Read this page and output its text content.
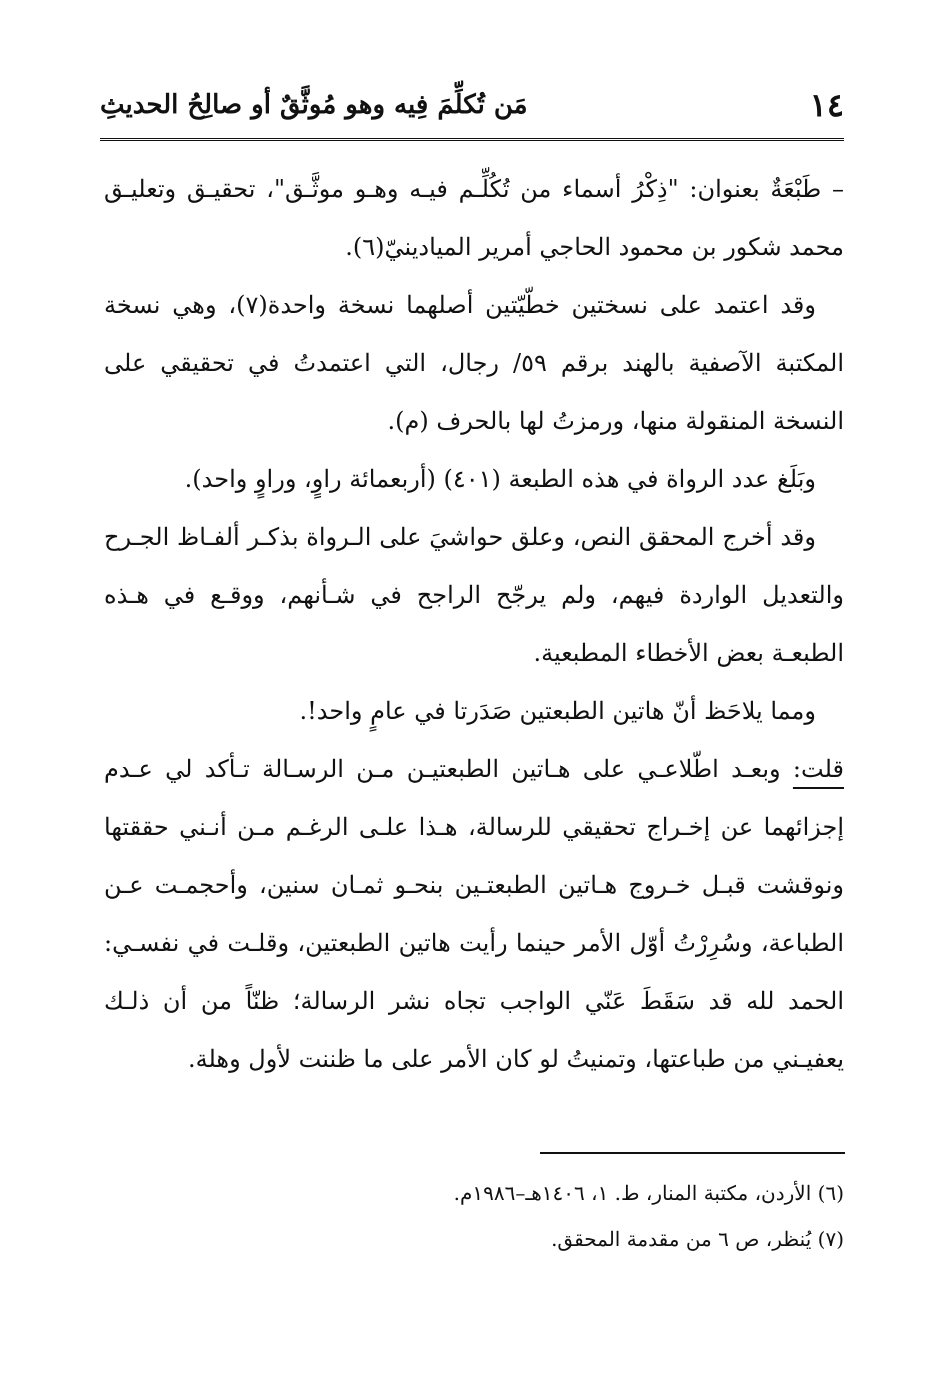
١٤
مَن تُكلِّمَ فِيه وهو مُوثَّقٌ أو صالِحُ الحديثِ

– طَبْعَةٌ بعنوان: "ذِكْرُ أسماء من تُكُلِّـم فيـه وهـو موثَّـق"، تحقيـق وتعليـق محمد شكور بن محمود الحاجي أمرير الميادينيّ(٦).

وقد اعتمد على نسختين خطّيّتين أصلهما نسخة واحدة(٧)، وهي نسخة المكتبة الآصفية بالهند برقم ٥٩/ رجال، التي اعتمدتُ في تحقيقي على النسخة المنقولة منها، ورمزتُ لها بالحرف (م).

وبَلَغ عدد الرواة في هذه الطبعة (٤٠١) (أربعمائة راوٍ، وراوٍ واحد).

وقد أخرج المحقق النص، وعلق حواشيَ على الـرواة بذكـر ألفـاظ الجـرح والتعديل الواردة فيهم، ولم يرجّح الراجح في شـأنهم، ووقـع في هـذه الطبعـة بعض الأخطاء المطبعية.

ومما يلاحَظ أنّ هاتين الطبعتين صَدَرتا في عامٍ واحد!.

قلت: وبعـد اطّلاعـي على هـاتين الطبعتيـن مـن الرسـالة تـأكد لي عـدم إجزائهما عن إخـراج تحقيقي للرسالة، هـذا علـى الرغـم مـن أنـني حققتها ونوقشت قبـل خـروج هـاتين الطبعتـين بنحـو ثمـان سنين، وأحجمـت عـن الطباعة، وسُرِرْتُ أوّل الأمر حينما رأيت هاتين الطبعتين، وقلـت في نفسـي: الحمد لله قد سَقَطَ عَنّي الواجب تجاه نشر الرسالة؛ ظنّاً من أن ذلـك يعفيـني من طباعتها، وتمنيتُ لو كان الأمر على ما ظننت لأول وهلة.

(٦) الأردن، مكتبة المنار، ط. ١، ١٤٠٦هـ–١٩٨٦م.

(٧) يُنظر، ص ٦ من مقدمة المحقق.
